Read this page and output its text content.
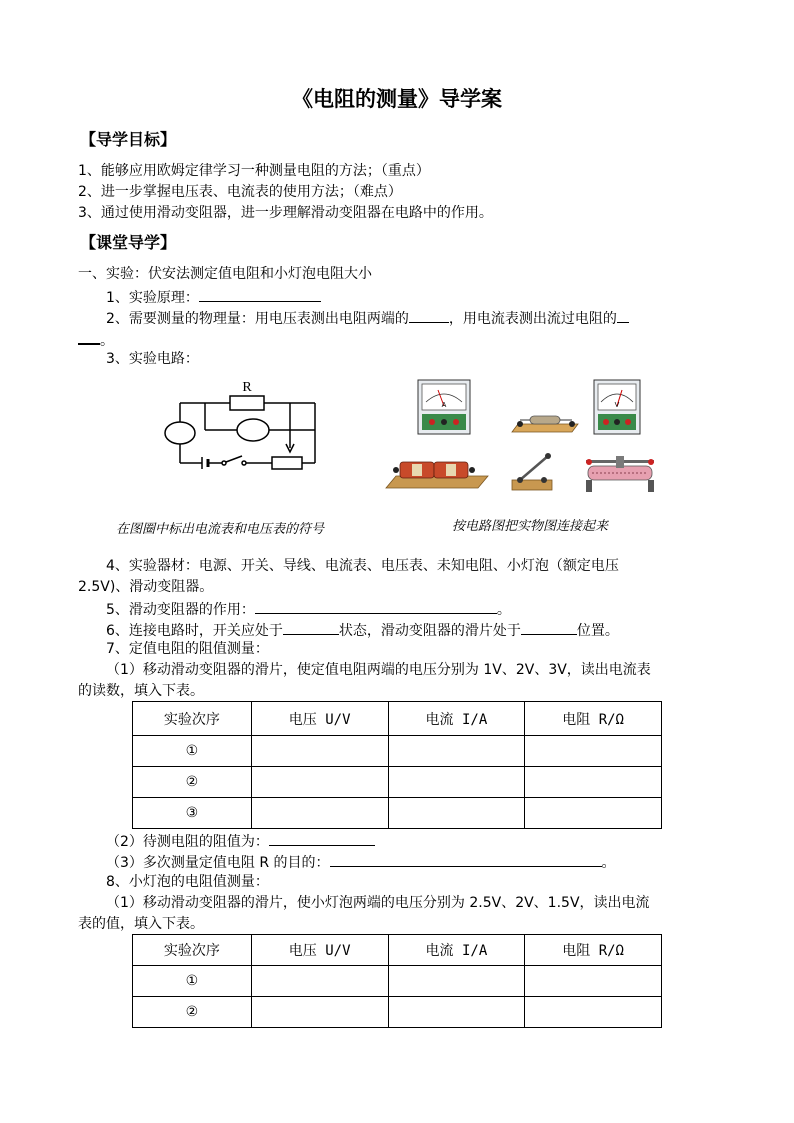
《电阻的测量》导学案
【导学目标】
1、能够应用欧姆定律学习一种测量电阻的方法；（重点）
2、进一步掌握电压表、电流表的使用方法；（难点）
3、通过使用滑动变阻器，进一步理解滑动变阻器在电路中的作用。
【课堂导学】
一、实验：伏安法测定值电阻和小灯泡电阻大小
1、实验原理：
2、需要测量的物理量：用电压表测出电阻两端的	，用电流表测出流过电阻的
。
3、实验电路：
R
A	V
在图圈中标出电流表和电压表的符号	按电路图把实物图连接起来
4、实验器材：电源、开关、导线、电流表、电压表、未知电阻、小灯泡（额定电压
2.5V)、滑动变阻器。
5、滑动变阻器的作用：	。
6、连接电路时，开关应处于	状态，滑动变阻器的滑片处于	位置。
7、定值电阻的阻值测量：
（1）移动滑动变阻器的滑片，使定值电阻两端的电压分别为 1V、2V、3V，读出电流表
的读数，填入下表。
实验次序	电压 U/V	电流 I/A	电阻 R/Ω
①			
②			
③			
（2）待测电阻的阻值为：
（3）多次测量定值电阻 R 的目的：	。
8、小灯泡的电阻值测量：
（1）移动滑动变阻器的滑片，使小灯泡两端的电压分别为 2.5V、2V、1.5V，读出电流
表的值，填入下表。
实验次序	电压 U/V	电流 I/A	电阻 R/Ω
①			
②			
